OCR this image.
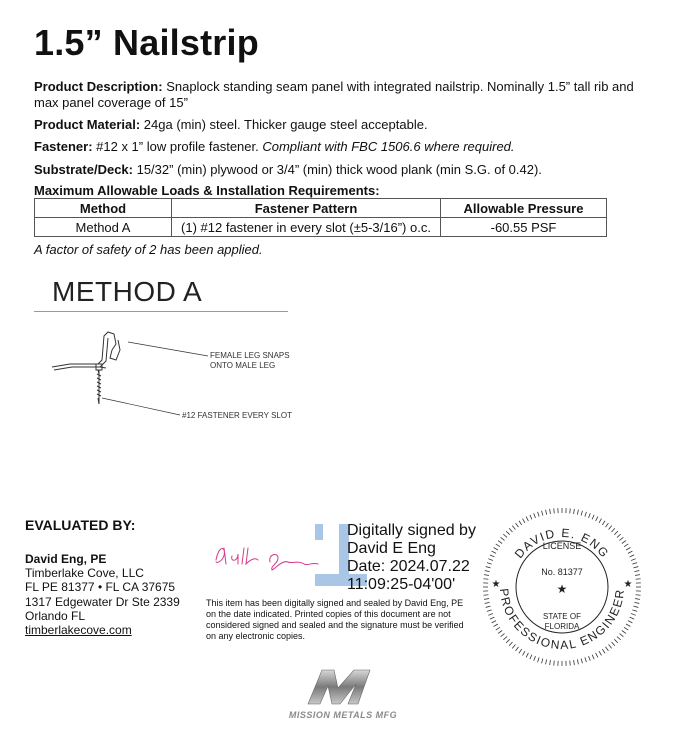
1.5” Nailstrip
Product Description: Snaplock standing seam panel with integrated nailstrip. Nominally 1.5” tall rib and max panel coverage of 15”
Product Material: 24ga (min) steel. Thicker gauge steel acceptable.
Fastener: #12 x 1” low profile fastener. Compliant with FBC 1506.6 where required.
Substrate/Deck: 15/32” (min) plywood or 3/4” (min) thick wood plank (min S.G. of 0.42).
Maximum Allowable Loads & Installation Requirements:
Method	Fastener Pattern	Allowable Pressure
Method A	(1) #12 fastener in every slot (±5-3/16”) o.c.	-60.55 PSF
A factor of safety of 2 has been applied.
METHOD A
FEMALE LEG SNAPS
ONTO MALE LEG
#12 FASTENER EVERY SLOT
EVALUATED BY:
David Eng, PE
Timberlake Cove, LLC
FL PE 81377 • FL CA 37675
1317 Edgewater Dr Ste 2339
Orlando FL
timberlakecove.com
Digitally signed by
David E Eng
Date: 2024.07.22
11:09:25-04'00'
This item has been digitally signed and sealed by David Eng, PE on the date indicated. Printed copies of this document are not considered signed and sealed and the signature must be verified on any electronic copies.
DAVID E. ENG
PROFESSIONAL ENGINEER
LICENSE
No. 81377
★
★	★
STATE OF
FLORIDA
MISSION METALS MFG
